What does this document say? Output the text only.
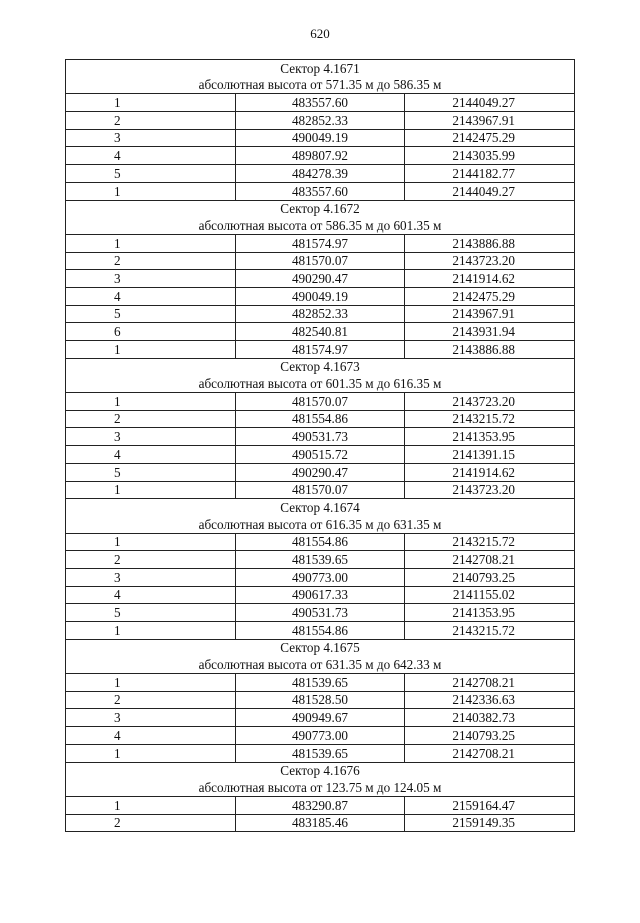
620
Сектор 4.1671		
абсолютная высота от 571.35 м до 586.35 м		
1	483557.60	2144049.27
2	482852.33	2143967.91
3	490049.19	2142475.29
4	489807.92	2143035.99
5	484278.39	2144182.77
1	483557.60	2144049.27
Сектор 4.1672		
абсолютная высота от 586.35 м до 601.35 м		
1	481574.97	2143886.88
2	481570.07	2143723.20
3	490290.47	2141914.62
4	490049.19	2142475.29
5	482852.33	2143967.91
6	482540.81	2143931.94
1	481574.97	2143886.88
Сектор 4.1673		
абсолютная высота от 601.35 м до 616.35 м		
1	481570.07	2143723.20
2	481554.86	2143215.72
3	490531.73	2141353.95
4	490515.72	2141391.15
5	490290.47	2141914.62
1	481570.07	2143723.20
Сектор 4.1674		
абсолютная высота от 616.35 м до 631.35 м		
1	481554.86	2143215.72
2	481539.65	2142708.21
3	490773.00	2140793.25
4	490617.33	2141155.02
5	490531.73	2141353.95
1	481554.86	2143215.72
Сектор 4.1675		
абсолютная высота от 631.35 м до 642.33 м		
1	481539.65	2142708.21
2	481528.50	2142336.63
3	490949.67	2140382.73
4	490773.00	2140793.25
1	481539.65	2142708.21
Сектор 4.1676		
абсолютная высота от 123.75 м до 124.05 м		
1	483290.87	2159164.47
2	483185.46	2159149.35
